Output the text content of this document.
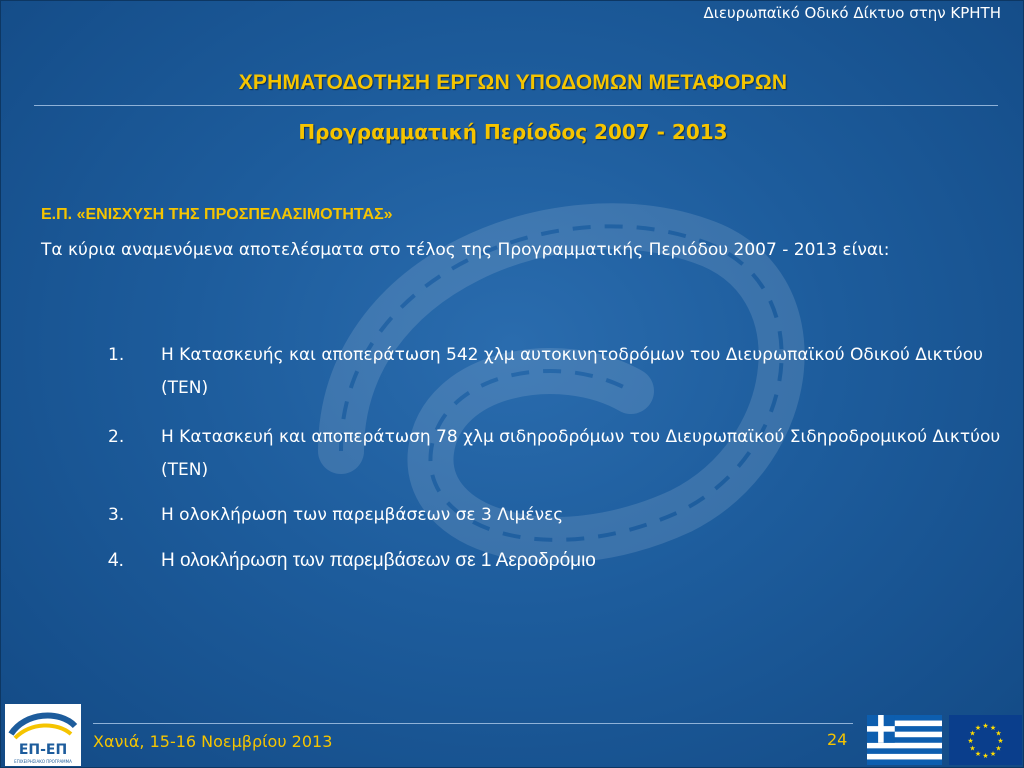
Διευρωπαϊκό Οδικό Δίκτυο στην ΚΡΗΤΗ
ΧΡΗΜΑΤΟΔΟΤΗΣΗ ΕΡΓΩΝ ΥΠΟΔΟΜΩΝ ΜΕΤΑΦΟΡΩΝ
Προγραμματική Περίοδος 2007 - 2013
Ε.Π. «ΕΝΙΣΧΥΣΗ ΤΗΣ ΠΡΟΣΠΕΛΑΣΙΜΟΤΗΤΑΣ»
Τα κύρια αναμενόμενα αποτελέσματα στο τέλος της Προγραμματικής Περιόδου 2007 - 2013 είναι:
1. Η Κατασκευής και αποπεράτωση 542 χλμ αυτοκινητοδρόμων του Διευρωπαϊκού Οδικού Δικτύου (ΤΕΝ)
2. Η Κατασκευή και αποπεράτωση 78 χλμ σιδηροδρόμων του Διευρωπαϊκού Σιδηροδρομικού Δικτύου (ΤΕΝ)
3. Η ολοκλήρωση των παρεμβάσεων σε 3 Λιμένες
4. Η ολοκλήρωση των παρεμβάσεων σε 1 Αεροδρόμιο
ΕΠ-ΕΠ
ΕΠΙΧΕΙΡΗΣΙΑΚΟ ΠΡΟΓΡΑΜΜΑ
Χανιά, 15-16 Νοεμβρίου 2013	24
★ ★
★
★
★
★
★
★
★
★
★
★
